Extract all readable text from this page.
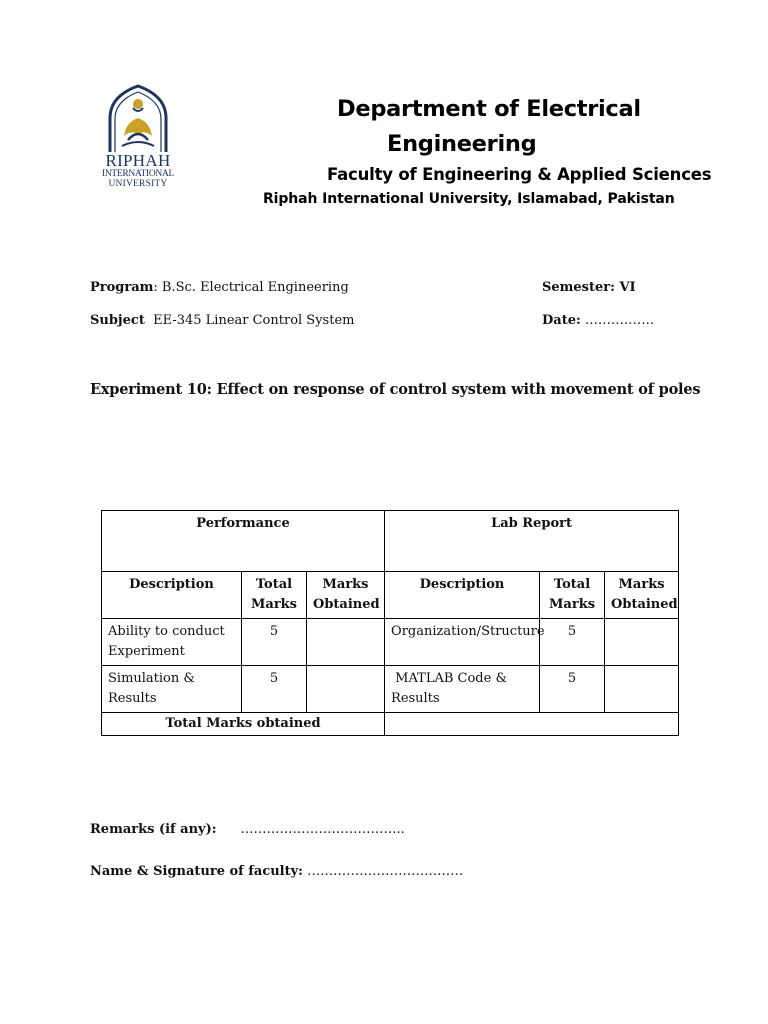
RIPHAH
INTERNATIONAL
UNIVERSITY
Department of Electrical
Engineering
Faculty of Engineering & Applied Sciences
Riphah International University, Islamabad, Pakistan
Program: B.Sc. Electrical Engineering	Semester: VI
Subject  EE-345 Linear Control System	Date: …………….
Experiment 10: Effect on response of control system with movement of poles
Performance			Lab Report		
Description	Total Marks	Marks Obtained	Description	Total Marks	Marks Obtained
Ability to conduct Experiment	5		Organization/Structure	5	
Simulation & Results	5		MATLAB Code & Results	5	
Total Marks obtained					
Remarks (if any): ………………………………..
Name & Signature of faculty: ………………………………
